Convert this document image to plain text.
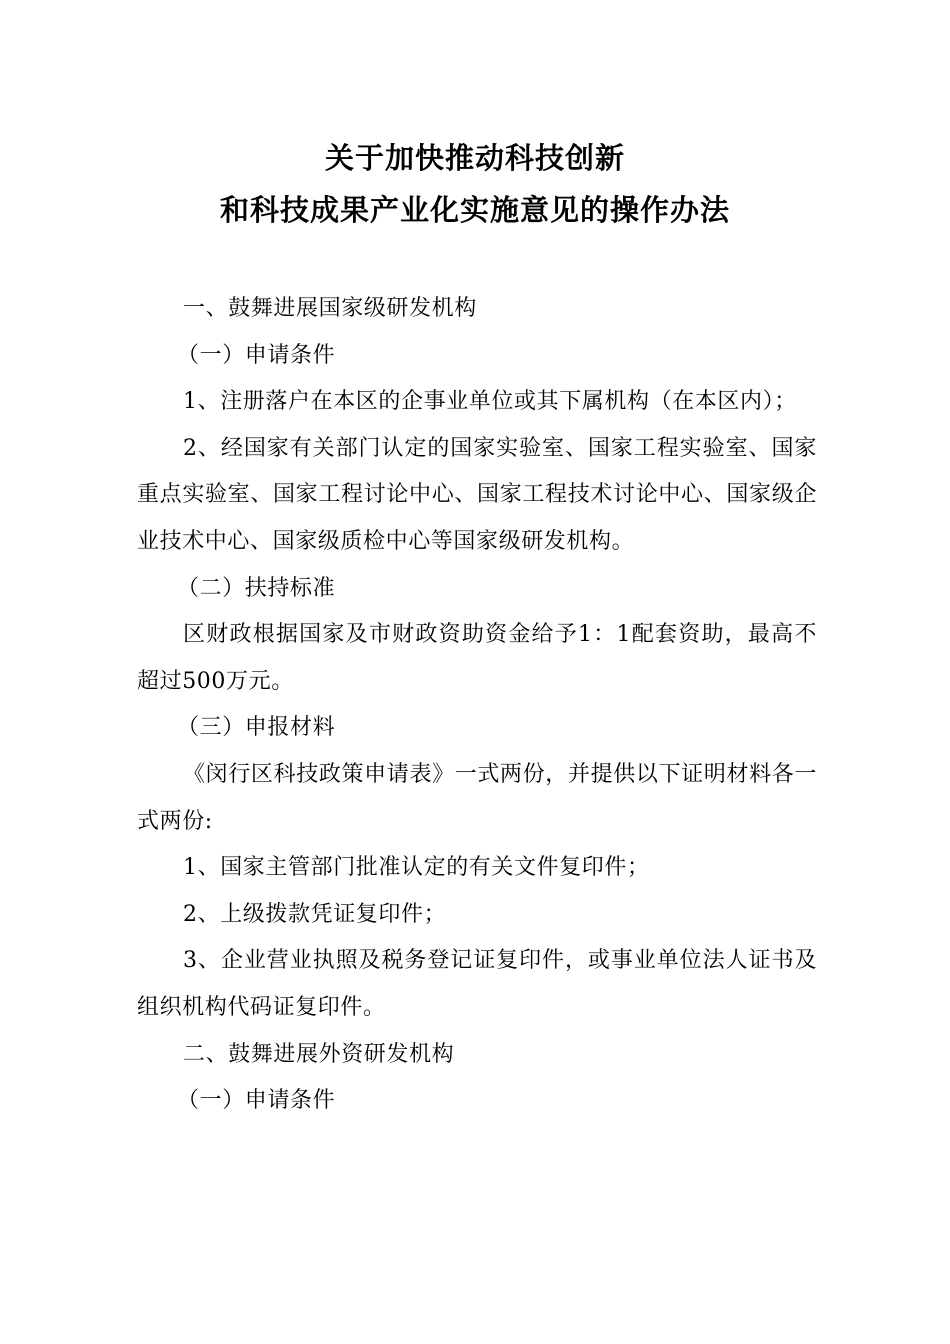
关于加快推动科技创新
和科技成果产业化实施意见的操作办法

一、鼓舞进展国家级研发机构

（一）申请条件

1、注册落户在本区的企事业单位或其下属机构（在本区内）；

2、经国家有关部门认定的国家实验室、国家工程实验室、国家重点实验室、国家工程讨论中心、国家工程技术讨论中心、国家级企业技术中心、国家级质检中心等国家级研发机构。

（二）扶持标准

区财政根据国家及市财政资助资金给予1：1配套资助，最高不超过500万元。

（三）申报材料

《闵行区科技政策申请表》一式两份，并提供以下证明材料各一式两份:

1、国家主管部门批准认定的有关文件复印件；

2、上级拨款凭证复印件；

3、企业营业执照及税务登记证复印件，或事业单位法人证书及组织机构代码证复印件。

二、鼓舞进展外资研发机构

（一）申请条件
